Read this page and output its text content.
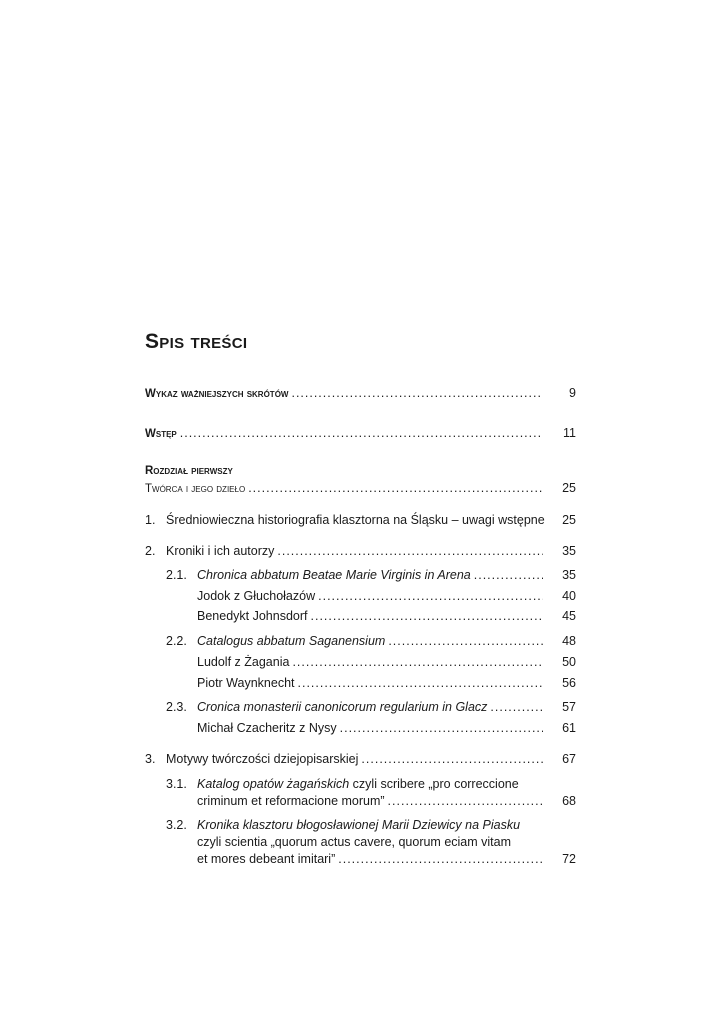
Spis treści
Wykaz ważniejszych skrótów .....	9
Wstęp .....	11
Rozdział pierwszy
Twórca i jego dzieło .....	25
1. Średniowieczna historiografia klasztorna na Śląsku – uwagi wstępne	25
2. Kroniki i ich autorzy .....	35
2.1. Chronica abbatum Beatae Marie Virginis in Arena .....	35
Jodok z Głuchołazów .....	40
Benedykt Johnsdorf .....	45
2.2. Catalogus abbatum Saganensium .....	48
Ludolf z Żagania .....	50
Piotr Waynknecht .....	56
2.3. Cronica monasterii canonicorum regularium in Glacz .....	57
Michał Czacheritz z Nysy .....	61
3. Motywy twórczości dziejopisarskiej .....	67
3.1. Katalog opatów żagańskich czyli scribere „pro correccione
criminum et reformacione morum” .....	68
3.2. Kronika klasztoru błogosławionej Marii Dziewicy na Piasku
czyli scientia „quorum actus cavere, quorum eciam vitam
et mores debeant imitari” .....	72
